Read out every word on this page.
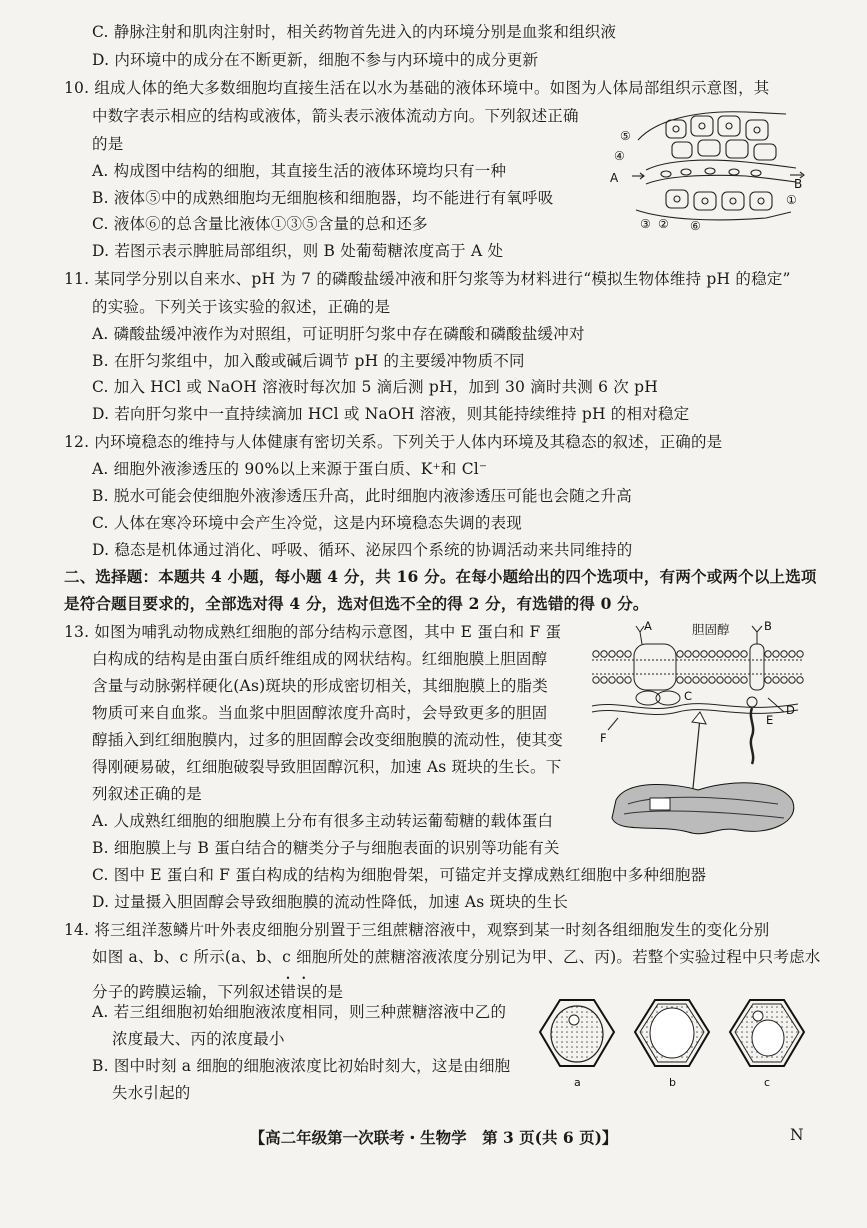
C. 静脉注射和肌肉注射时，相关药物首先进入的内环境分别是血浆和组织液
D. 内环境中的成分在不断更新，细胞不参与内环境中的成分更新
10. 组成人体的绝大多数细胞均直接生活在以水为基础的液体环境中。如图为人体局部组织示意图，其
中数字表示相应的结构或液体，箭头表示液体流动方向。下列叙述正确
的是
A. 构成图中结构的细胞，其直接生活的液体环境均只有一种
B. 液体⑤中的成熟细胞均无细胞核和细胞器，均不能进行有氧呼吸
C. 液体⑥的总含量比液体①③⑤含量的总和还多
D. 若图示表示脾脏局部组织，则 B 处葡萄糖浓度高于 A 处
⑤
④
A	B
①
③ ② ⑥
11. 某同学分别以自来水、pH 为 7 的磷酸盐缓冲液和肝匀浆等为材料进行“模拟生物体维持 pH 的稳定”
的实验。下列关于该实验的叙述，正确的是
A. 磷酸盐缓冲液作为对照组，可证明肝匀浆中存在磷酸和磷酸盐缓冲对
B. 在肝匀浆组中，加入酸或碱后调节 pH 的主要缓冲物质不同
C. 加入 HCl 或 NaOH 溶液时每次加 5 滴后测 pH，加到 30 滴时共测 6 次 pH
D. 若向肝匀浆中一直持续滴加 HCl 或 NaOH 溶液，则其能持续维持 pH 的相对稳定
12. 内环境稳态的维持与人体健康有密切关系。下列关于人体内环境及其稳态的叙述，正确的是
A. 细胞外液渗透压的 90%以上来源于蛋白质、K⁺和 Cl⁻
B. 脱水可能会使细胞外液渗透压升高，此时细胞内液渗透压可能也会随之升高
C. 人体在寒冷环境中会产生冷觉，这是内环境稳态失调的表现
D. 稳态是机体通过消化、呼吸、循环、泌尿四个系统的协调活动来共同维持的
二、选择题：本题共 4 小题，每小题 4 分，共 16 分。在每小题给出的四个选项中，有两个或两个以上选项
是符合题目要求的，全部选对得 4 分，选对但选不全的得 2 分，有选错的得 0 分。
13. 如图为哺乳动物成熟红细胞的部分结构示意图，其中 E 蛋白和 F 蛋
白构成的结构是由蛋白质纤维组成的网状结构。红细胞膜上胆固醇
含量与动脉粥样硬化(As)斑块的形成密切相关，其细胞膜上的脂类
物质可来自血浆。当血浆中胆固醇浓度升高时，会导致更多的胆固
醇插入到红细胞膜内，过多的胆固醇会改变细胞膜的流动性，使其变
得刚硬易破，红细胞破裂导致胆固醇沉积，加速 As 斑块的生长。下
列叙述正确的是
A. 人成熟红细胞的细胞膜上分布有很多主动转运葡萄糖的载体蛋白
B. 细胞膜上与 B 蛋白结合的糖类分子与细胞表面的识别等功能有关
C. 图中 E 蛋白和 F 蛋白构成的结构为细胞骨架，可锚定并支撑成熟红细胞中多种细胞器
D. 过量摄入胆固醇会导致细胞膜的流动性降低，加速 As 斑块的生长
A	胆固醇	B
C
D
E
F
14. 将三组洋葱鳞片叶外表皮细胞分别置于三组蔗糖溶液中，观察到某一时刻各组细胞发生的变化分别
如图 a、b、c 所示(a、b、c 细胞所处的蔗糖溶液浓度分别记为甲、乙、丙)。若整个实验过程中只考虑水
分子的跨膜运输，下列叙述错误的是
A. 若三组细胞初始细胞液浓度相同，则三种蔗糖溶液中乙的
浓度最大、丙的浓度最小
B. 图中时刻 a 细胞的细胞液浓度比初始时刻大，这是由细胞
失水引起的
a	b	c
【高二年级第一次联考・生物学　第 3 页(共 6 页)】	N
